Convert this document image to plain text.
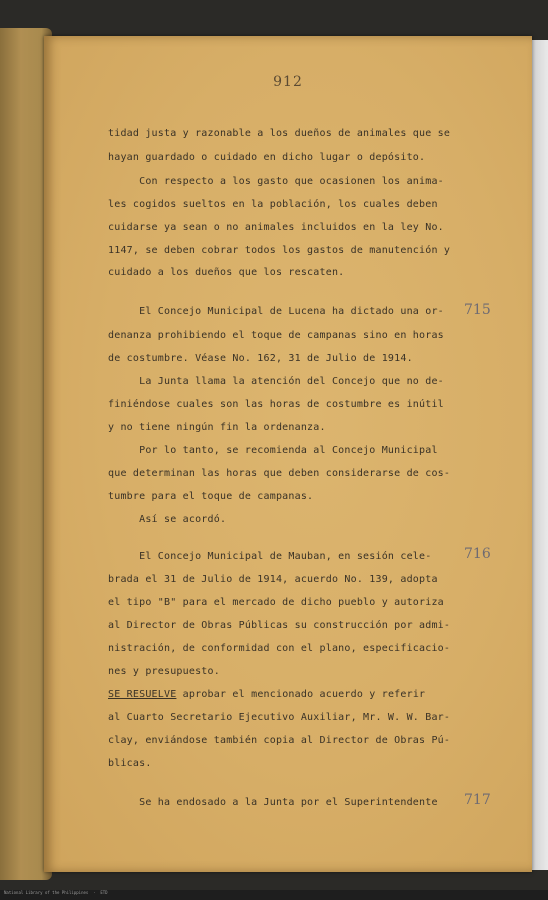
912
tidad justa y razonable a los dueños de animales que se
hayan guardado o cuidado en dicho lugar o depósito.
Con respecto a los gasto que ocasionen los anima-
les cogidos sueltos en la población, los cuales deben
cuidarse ya sean o no animales incluidos en la ley No.
1147, se deben cobrar todos los gastos de manutención y
cuidado a los dueños que los rescaten.
El Concejo Municipal de Lucena ha dictado una or- 715
denanza prohibiendo el toque de campanas sino en horas
de costumbre. Véase No. 162, 31 de Julio de 1914.
La Junta llama la atención del Concejo que no de-
finiéndose cuales son las horas de costumbre es inútil
y no tiene ningún fin la ordenanza.
Por lo tanto, se recomienda al Concejo Municipal
que determinan las horas que deben considerarse de cos-
tumbre para el toque de campanas.
Así se acordó.
El Concejo Municipal de Mauban, en sesión cele- 716
brada el 31 de Julio de 1914, acuerdo No. 139, adopta
el tipo "B" para el mercado de dicho pueblo y autoriza
al Director de Obras Públicas su construcción por admi-
nistración, de conformidad con el plano, especificacio-
nes y presupuesto.
SE RESUELVE aprobar el mencionado acuerdo y referir
al Cuarto Secretario Ejecutivo Auxiliar, Mr. W. W. Bar-
clay, enviándose también copia al Director de Obras Pú-
blicas.
Se ha endosado a la Junta por el Superintendente 717
National Library of the Philippines  ·  ETD
